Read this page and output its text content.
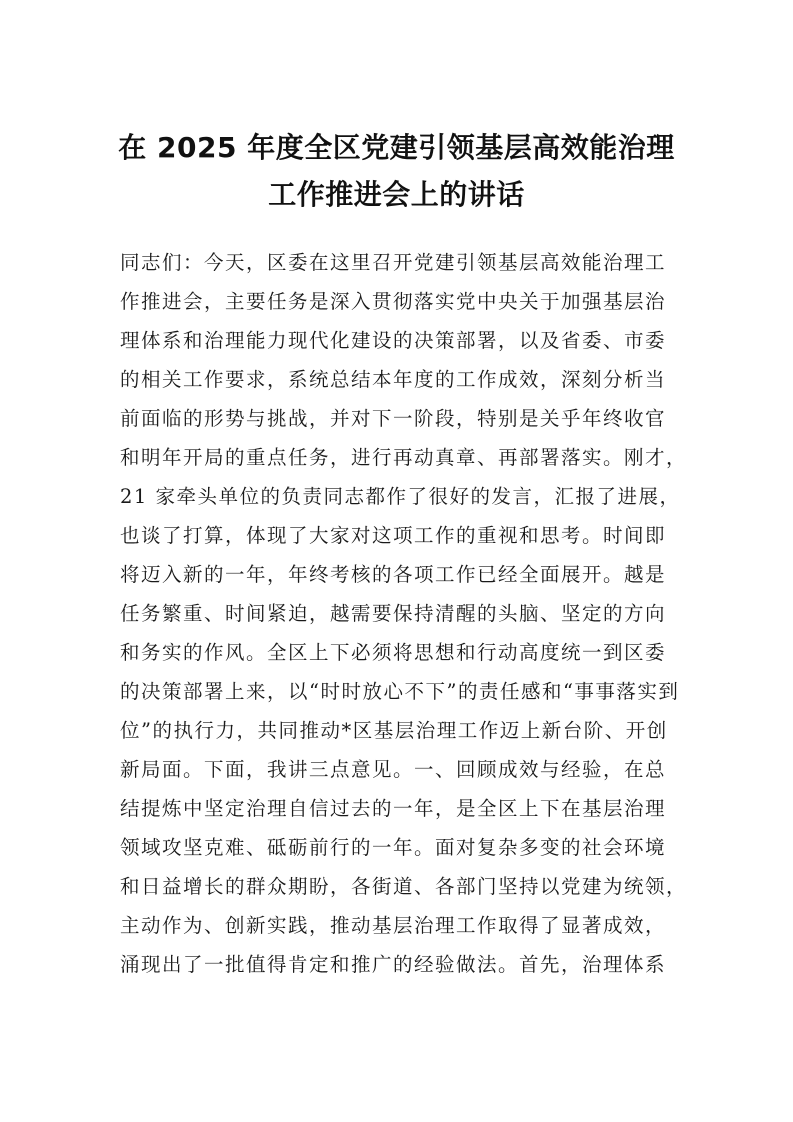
在 2025 年度全区党建引领基层高效能治理
工作推进会上的讲话
同志们：今天，区委在这里召开党建引领基层高效能治理工
作推进会，主要任务是深入贯彻落实党中央关于加强基层治
理体系和治理能力现代化建设的决策部署，以及省委、市委
的相关工作要求，系统总结本年度的工作成效，深刻分析当
前面临的形势与挑战，并对下一阶段，特别是关乎年终收官
和明年开局的重点任务，进行再动真章、再部署落实。刚才，
21 家牵头单位的负责同志都作了很好的发言，汇报了进展，
也谈了打算，体现了大家对这项工作的重视和思考。时间即
将迈入新的一年，年终考核的各项工作已经全面展开。越是
任务繁重、时间紧迫，越需要保持清醒的头脑、坚定的方向
和务实的作风。全区上下必须将思想和行动高度统一到区委
的决策部署上来，以“时时放心不下”的责任感和“事事落实到
位”的执行力，共同推动*区基层治理工作迈上新台阶、开创
新局面。下面，我讲三点意见。一、回顾成效与经验，在总
结提炼中坚定治理自信过去的一年，是全区上下在基层治理
领域攻坚克难、砥砺前行的一年。面对复杂多变的社会环境
和日益增长的群众期盼，各街道、各部门坚持以党建为统领，
主动作为、创新实践，推动基层治理工作取得了显著成效，
涌现出了一批值得肯定和推广的经验做法。首先，治理体系
